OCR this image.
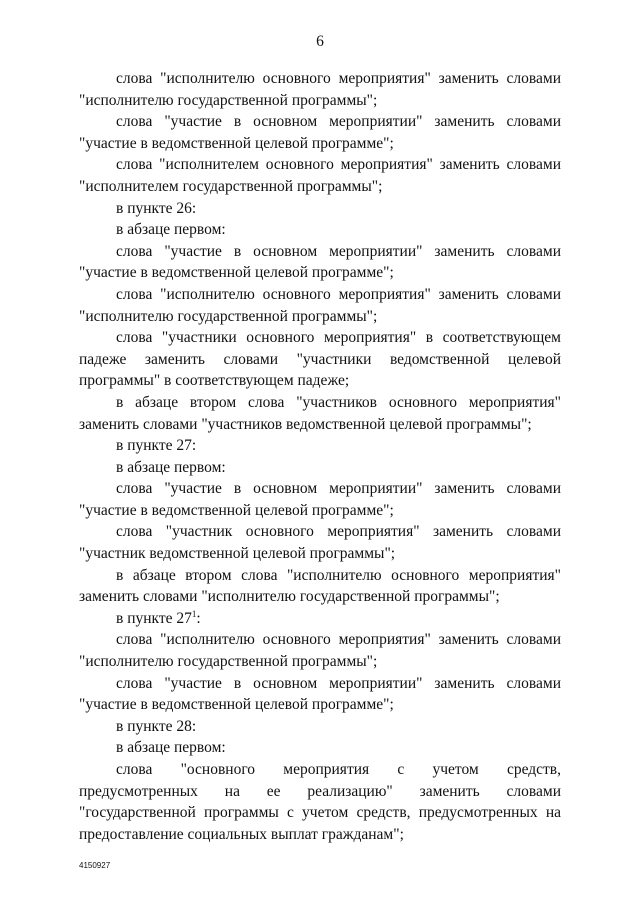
6

слова "исполнителю основного мероприятия" заменить словами "исполнителю государственной программы";

слова "участие в основном мероприятии" заменить словами "участие в ведомственной целевой программе";

слова "исполнителем основного мероприятия" заменить словами "исполнителем государственной программы";

в пункте 26:

в абзаце первом:

слова "участие в основном мероприятии" заменить словами "участие в ведомственной целевой программе";

слова "исполнителю основного мероприятия" заменить словами "исполнителю государственной программы";

слова "участники основного мероприятия" в соответствующем падеже заменить словами "участники ведомственной целевой программы" в соответствующем падеже;

в абзаце втором слова "участников основного мероприятия" заменить словами "участников ведомственной целевой программы";

в пункте 27:

в абзаце первом:

слова "участие в основном мероприятии" заменить словами "участие в ведомственной целевой программе";

слова "участник основного мероприятия" заменить словами "участник ведомственной целевой программы";

в абзаце втором слова "исполнителю основного мероприятия" заменить словами "исполнителю государственной программы";

в пункте $27^1$:

слова "исполнителю основного мероприятия" заменить словами "исполнителю государственной программы";

слова "участие в основном мероприятии" заменить словами "участие в ведомственной целевой программе";

в пункте 28:

в абзаце первом:

слова "основного мероприятия с учетом средств, предусмотренных на ее реализацию" заменить словами "государственной программы с учетом средств, предусмотренных на предоставление социальных выплат гражданам";

4150927
